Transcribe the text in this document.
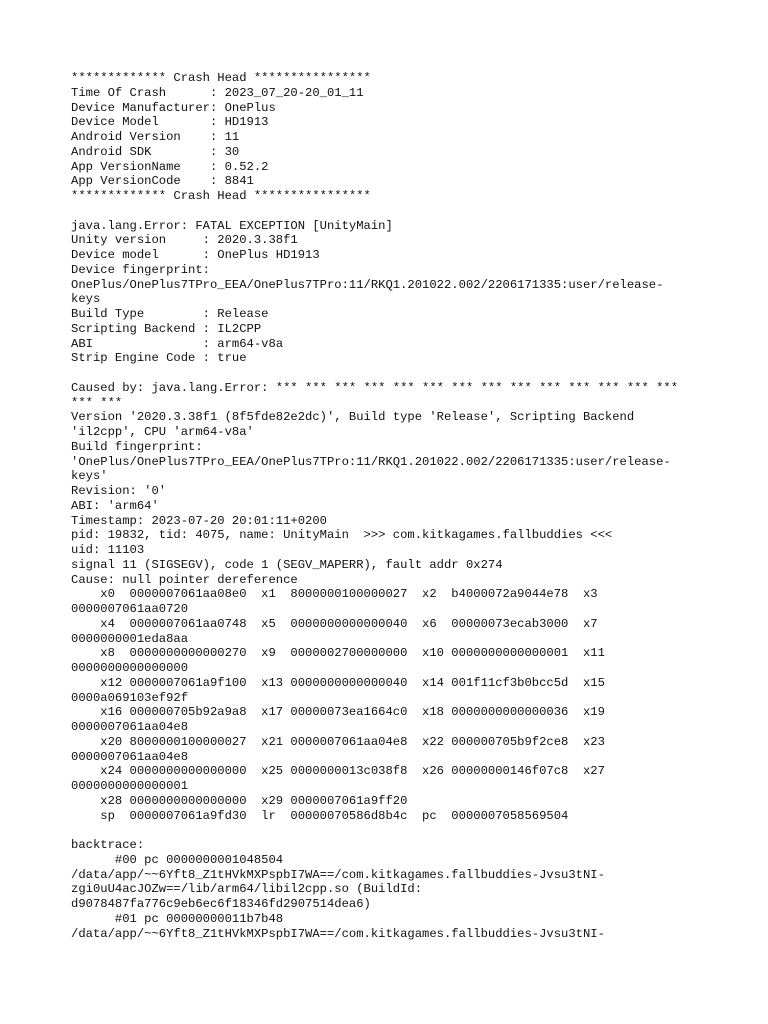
************* Crash Head ****************
Time Of Crash      : 2023_07_20-20_01_11
Device Manufacturer: OnePlus
Device Model       : HD1913
Android Version    : 11
Android SDK        : 30
App VersionName    : 0.52.2
App VersionCode    : 8841
************* Crash Head ****************
java.lang.Error: FATAL EXCEPTION [UnityMain]
Unity version     : 2020.3.38f1
Device model      : OnePlus HD1913
Device fingerprint:
OnePlus/OnePlus7TPro_EEA/OnePlus7TPro:11/RKQ1.201022.002/2206171335:user/release-
keys
Build Type        : Release
Scripting Backend : IL2CPP
ABI               : arm64-v8a
Strip Engine Code : true
Caused by: java.lang.Error: *** *** *** *** *** *** *** *** *** *** *** *** *** ***
*** ***
Version '2020.3.38f1 (8f5fde82e2dc)', Build type 'Release', Scripting Backend
'il2cpp', CPU 'arm64-v8a'
Build fingerprint:
'OnePlus/OnePlus7TPro_EEA/OnePlus7TPro:11/RKQ1.201022.002/2206171335:user/release-
keys'
Revision: '0'
ABI: 'arm64'
Timestamp: 2023-07-20 20:01:11+0200
pid: 19832, tid: 4075, name: UnityMain  >>> com.kitkagames.fallbuddies <<<
uid: 11103
signal 11 (SIGSEGV), code 1 (SEGV_MAPERR), fault addr 0x274
Cause: null pointer dereference
x0  0000007061aa08e0  x1  8000000100000027  x2  b4000072a9044e78  x3
0000007061aa0720
x4  0000007061aa0748  x5  0000000000000040  x6  00000073ecab3000  x7
0000000001eda8aa
x8  0000000000000270  x9  0000002700000000  x10 0000000000000001  x11
0000000000000000
x12 0000007061a9f100  x13 0000000000000040  x14 001f11cf3b0bcc5d  x15
0000a069103ef92f
x16 000000705b92a9a8  x17 00000073ea1664c0  x18 0000000000000036  x19
0000007061aa04e8
x20 8000000100000027  x21 0000007061aa04e8  x22 000000705b9f2ce8  x23
0000007061aa04e8
x24 0000000000000000  x25 0000000013c038f8  x26 00000000146f07c8  x27
0000000000000001
x28 0000000000000000  x29 0000007061a9ff20
sp  0000007061a9fd30  lr  00000070586d8b4c  pc  0000007058569504
backtrace:
#00 pc 0000000001048504
/data/app/~~6Yft8_Z1tHVkMXPspbI7WA==/com.kitkagames.fallbuddies-Jvsu3tNI-
zgi0uU4acJOZw==/lib/arm64/libil2cpp.so (BuildId:
d9078487fa776c9eb6ec6f18346fd2907514dea6)
#01 pc 00000000011b7b48
/data/app/~~6Yft8_Z1tHVkMXPspbI7WA==/com.kitkagames.fallbuddies-Jvsu3tNI-
